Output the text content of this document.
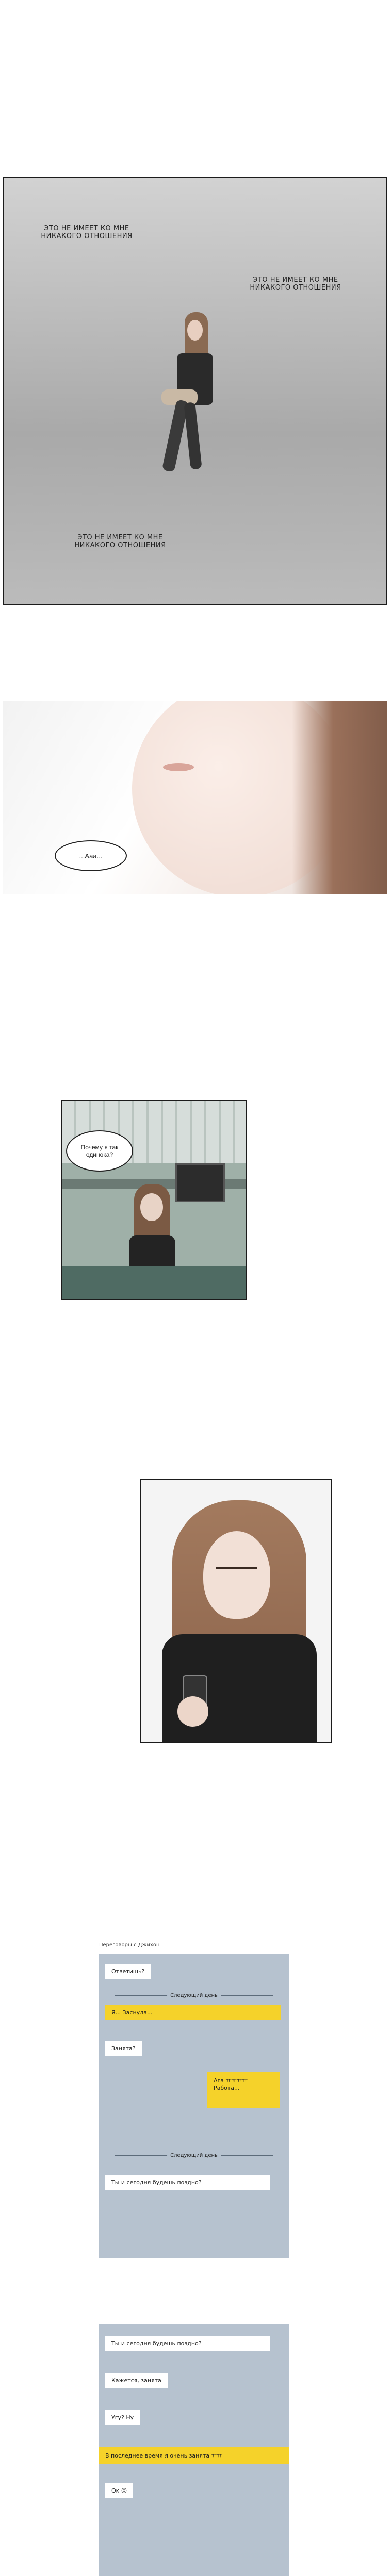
ЭТО НЕ ИМЕЕТ КО МНЕ НИКАКОГО ОТНОШЕНИЯ
ЭТО НЕ ИМЕЕТ КО МНЕ НИКАКОГО ОТНОШЕНИЯ
ЭТО НЕ ИМЕЕТ КО МНЕ НИКАКОГО ОТНОШЕНИЯ
...Ааа...
Почему я так одинока?
Переговоры с Джихон
Ответишь?
Следующий день
Я... Заснула...
Занята?
Ага ㅠㅠㅠㅠ Работа...
Следующий день
Ты и сегодня будешь поздно?
Ты и сегодня будешь поздно?
Кажется, занята
Угу? Ну
В последнее время я очень занята ㅠㅠ
Ок 😞
